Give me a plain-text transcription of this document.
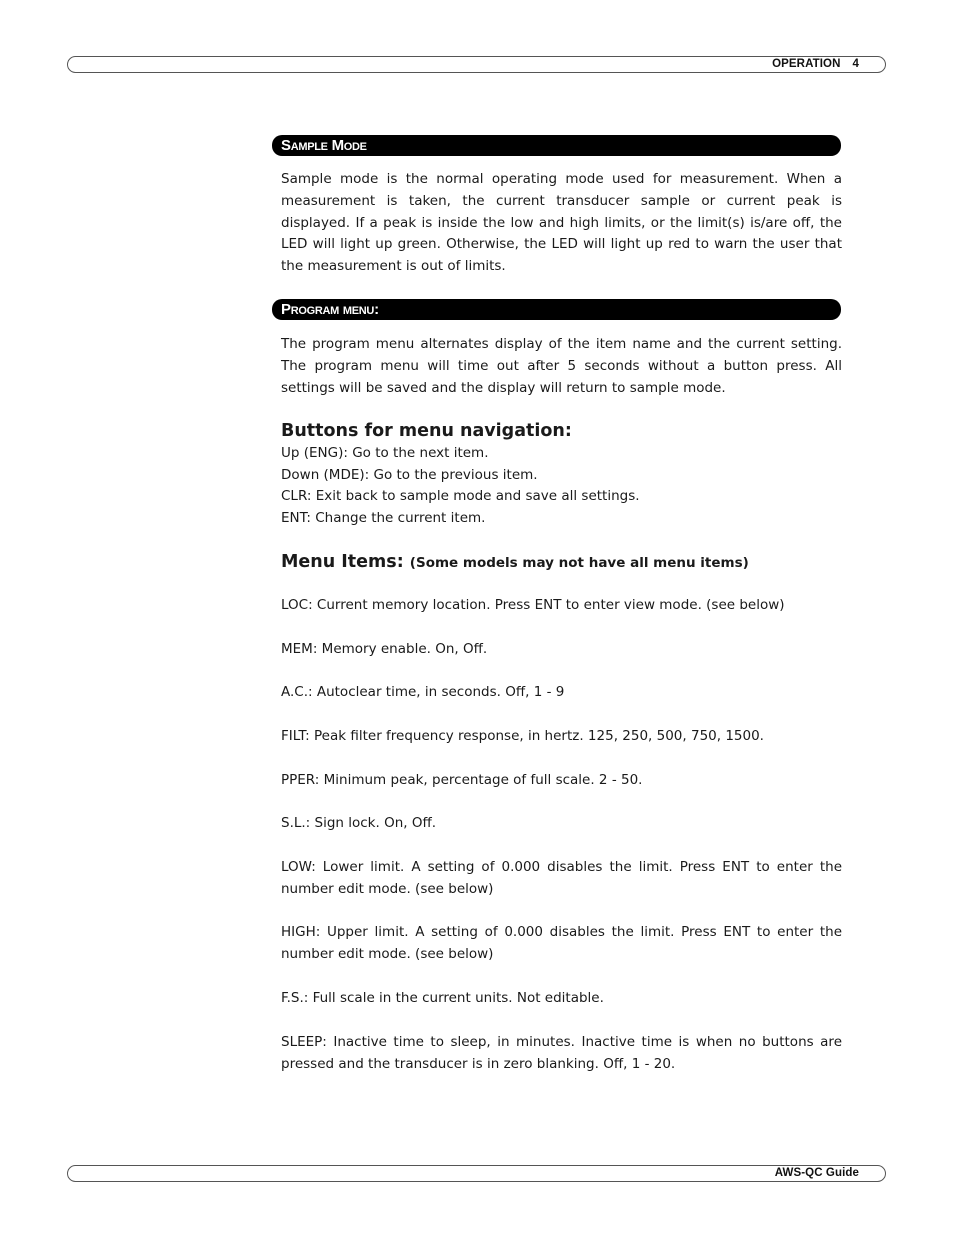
OPERATION 4
Sample Mode

Sample mode is the normal operating mode used for measurement. When a measurement is taken, the current transducer sample or current peak is displayed. If a peak is inside the low and high limits, or the limit(s) is/are off, the LED will light up green. Otherwise, the LED will light up red to warn the user that the measurement is out of limits.

Program menu:

The program menu alternates display of the item name and the current setting. The program menu will time out after 5 seconds without a button press. All settings will be saved and the display will return to sample mode.

Buttons for menu navigation:

Up (ENG): Go to the next item.

Down (MDE): Go to the previous item.

CLR: Exit back to sample mode and save all settings.

ENT: Change the current item.

Menu Items: (Some models may not have all menu items)

LOC: Current memory location. Press ENT to enter view mode. (see below)

MEM: Memory enable. On, Off.

A.C.: Autoclear time, in seconds. Off, 1 - 9

FILT: Peak filter frequency response, in hertz. 125, 250, 500, 750, 1500.

PPER: Minimum peak, percentage of full scale. 2 - 50.

S.L.: Sign lock. On, Off.

LOW: Lower limit. A setting of 0.000 disables the limit. Press ENT to enter the number edit mode. (see below)

HIGH: Upper limit. A setting of 0.000 disables the limit. Press ENT to enter the number edit mode. (see below)

F.S.: Full scale in the current units. Not editable.

SLEEP: Inactive time to sleep, in minutes. Inactive time is when no buttons are pressed and the transducer is in zero blanking. Off, 1 - 20.

AWS-QC Guide
